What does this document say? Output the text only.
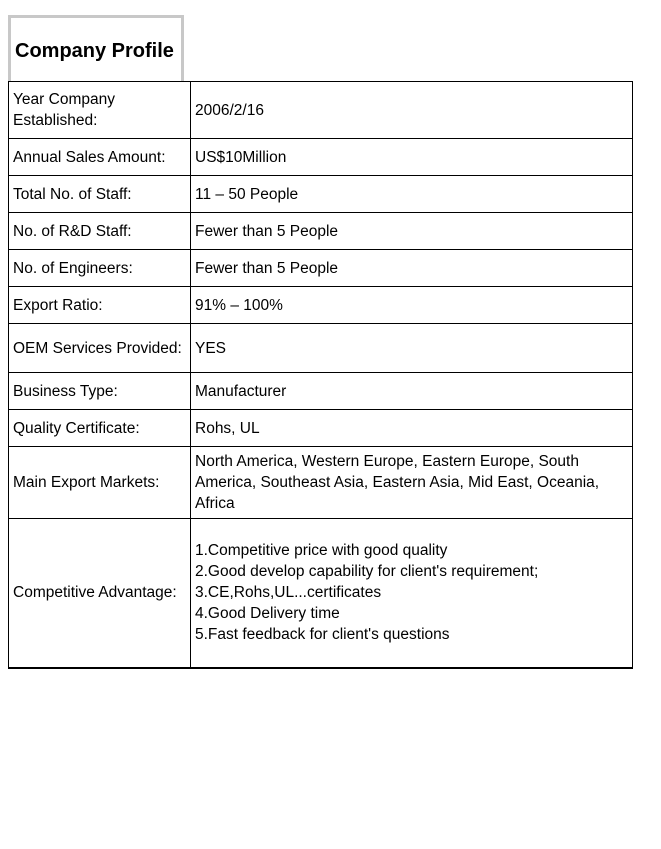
Company Profile
Year Company Established:	2006/2/16
Annual Sales Amount:	US$10Million
Total No. of Staff:	11 – 50 People
No. of R&D Staff:	Fewer than 5 People
No. of Engineers:	Fewer than 5 People
Export Ratio:	91% – 100%
OEM Services Provided:	YES
Business Type:	Manufacturer
Quality Certificate:	Rohs, UL
Main Export Markets:	North America, Western Europe, Eastern Europe, South America, Southeast Asia, Eastern Asia, Mid East, Oceania, Africa
Competitive Advantage:	1.Competitive price with good quality
2.Good develop capability for client's requirement;
3.CE,Rohs,UL...certificates
4.Good Delivery time
5.Fast feedback for client's questions
